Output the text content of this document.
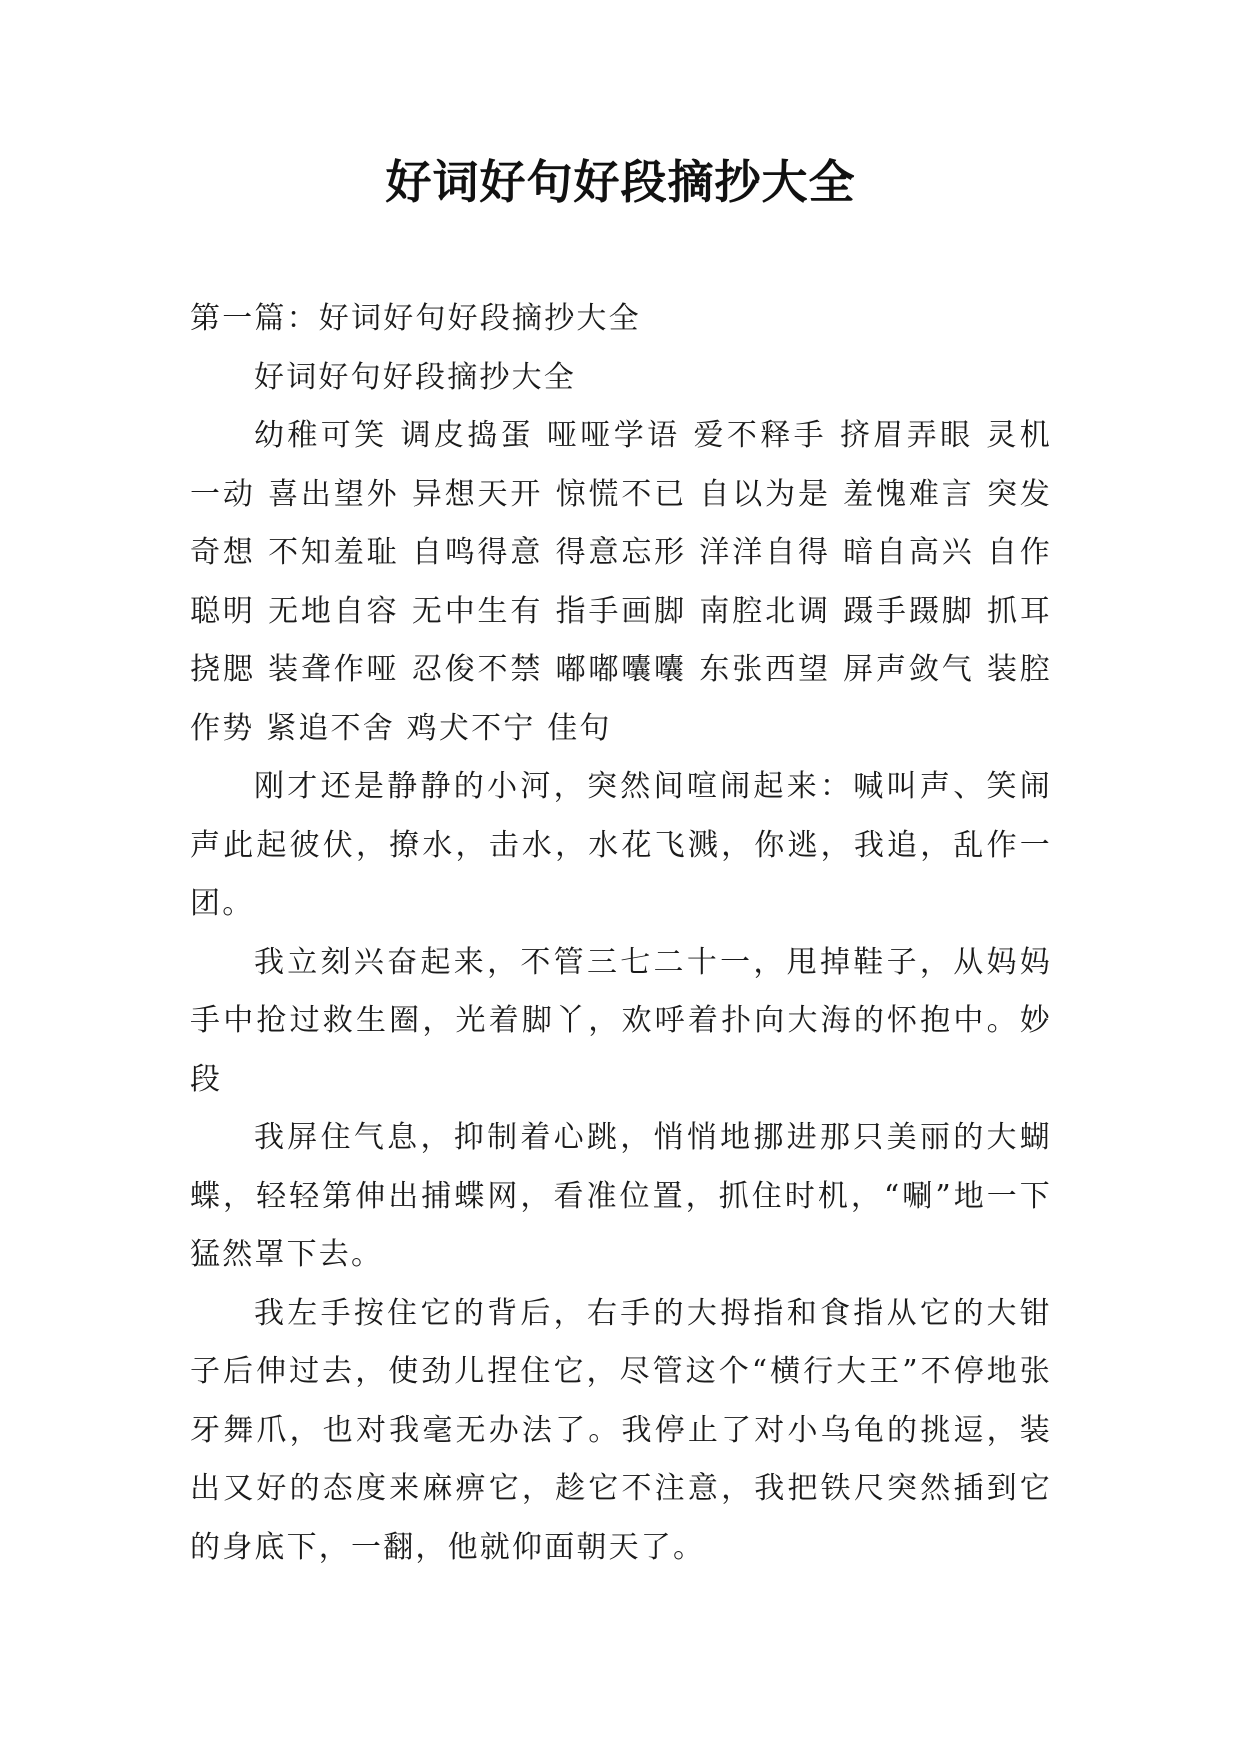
好词好句好段摘抄大全

第一篇：好词好句好段摘抄大全

好词好句好段摘抄大全

幼稚可笑 调皮捣蛋 哑哑学语 爱不释手 挤眉弄眼 灵机一动 喜出望外 异想天开 惊慌不已 自以为是 羞愧难言 突发奇想 不知羞耻 自鸣得意 得意忘形 洋洋自得 暗自高兴 自作聪明 无地自容 无中生有 指手画脚 南腔北调 蹑手蹑脚 抓耳挠腮 装聋作哑 忍俊不禁 嘟嘟囔囔 东张西望 屏声敛气 装腔作势 紧追不舍 鸡犬不宁 佳句

刚才还是静静的小河，突然间喧闹起来：喊叫声、笑闹声此起彼伏，撩水，击水，水花飞溅，你逃，我追，乱作一团。

我立刻兴奋起来，不管三七二十一，甩掉鞋子，从妈妈手中抢过救生圈，光着脚丫，欢呼着扑向大海的怀抱中。妙段

我屏住气息，抑制着心跳，悄悄地挪进那只美丽的大蝴蝶，轻轻第伸出捕蝶网，看准位置，抓住时机，“唰”地一下猛然罩下去。

我左手按住它的背后，右手的大拇指和食指从它的大钳子后伸过去，使劲儿捏住它，尽管这个“横行大王”不停地张牙舞爪，也对我毫无办法了。我停止了对小乌龟的挑逗，装出又好的态度来麻痹它，趁它不注意，我把铁尺突然插到它的身底下，一翻，他就仰面朝天了。
